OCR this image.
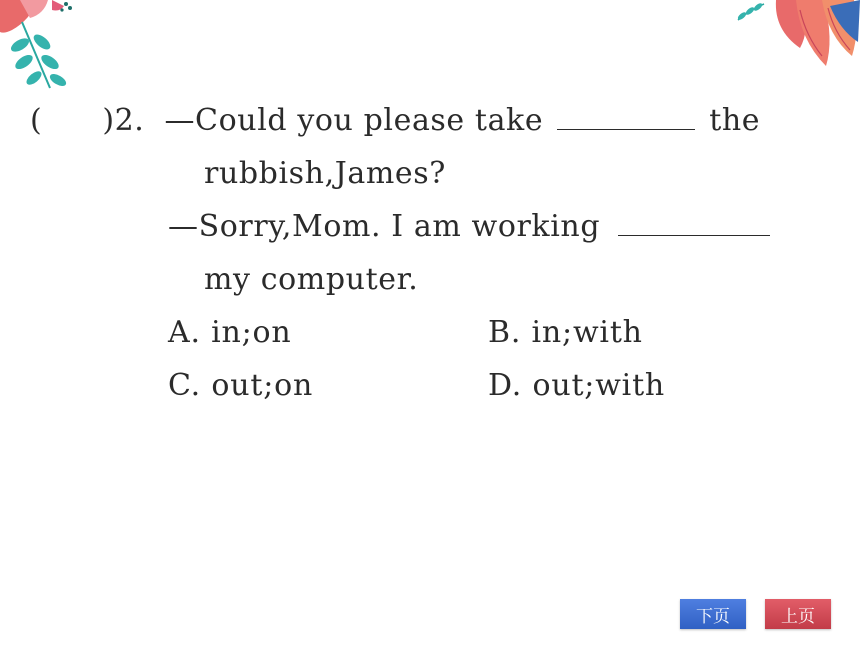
( )2. —Could you please take	the
rubbish,James?
—Sorry,Mom. I am working
my computer.
A. in;on	B. in;with
C. out;on	D. out;with
下页	上页
